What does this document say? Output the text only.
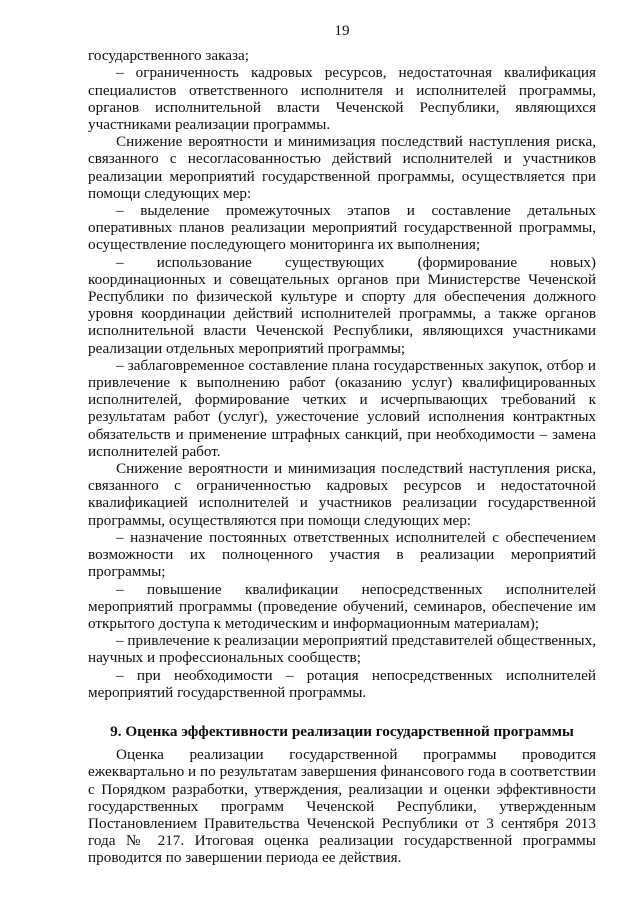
19

государственного заказа;

– ограниченность кадровых ресурсов, недостаточная квалификация специалистов ответственного исполнителя и исполнителей программы, органов исполнительной власти Чеченской Республики, являющихся участниками реализации программы.

Снижение вероятности и минимизация последствий наступления риска, связанного с несогласованностью действий исполнителей и участников реализации мероприятий государственной программы, осуществляется при помощи следующих мер:

– выделение промежуточных этапов и составление детальных оперативных планов реализации мероприятий государственной программы, осуществление последующего мониторинга их выполнения;

– использование существующих (формирование новых) координационных и совещательных органов при Министерстве Чеченской Республики по физической культуре и спорту для обеспечения должного уровня координации действий исполнителей программы, а также органов исполнительной власти Чеченской Республики, являющихся участниками реализации отдельных мероприятий программы;

– заблаговременное составление плана государственных закупок, отбор и привлечение к выполнению работ (оказанию услуг) квалифицированных исполнителей, формирование четких и исчерпывающих требований к результатам работ (услуг), ужесточение условий исполнения контрактных обязательств и применение штрафных санкций, при необходимости – замена исполнителей работ.

Снижение вероятности и минимизация последствий наступления риска, связанного с ограниченностью кадровых ресурсов и недостаточной квалификацией исполнителей и участников реализации государственной программы, осуществляются при помощи следующих мер:

– назначение постоянных ответственных исполнителей с обеспечением возможности их полноценного участия в реализации мероприятий программы;

– повышение квалификации непосредственных исполнителей мероприятий программы (проведение обучений, семинаров, обеспечение им открытого доступа к методическим и информационным материалам);

– привлечение к реализации мероприятий представителей общественных, научных и профессиональных сообществ;

– при необходимости – ротация непосредственных исполнителей мероприятий государственной программы.

9. Оценка эффективности реализации государственной программы

Оценка реализации государственной программы проводится ежеквартально и по результатам завершения финансового года в соответствии с Порядком разработки, утверждения, реализации и оценки эффективности государственных программ Чеченской Республики, утвержденным Постановлением Правительства Чеченской Республики от 3 сентября 2013 года № 217. Итоговая оценка реализации государственной программы проводится по завершении периода ее действия.
